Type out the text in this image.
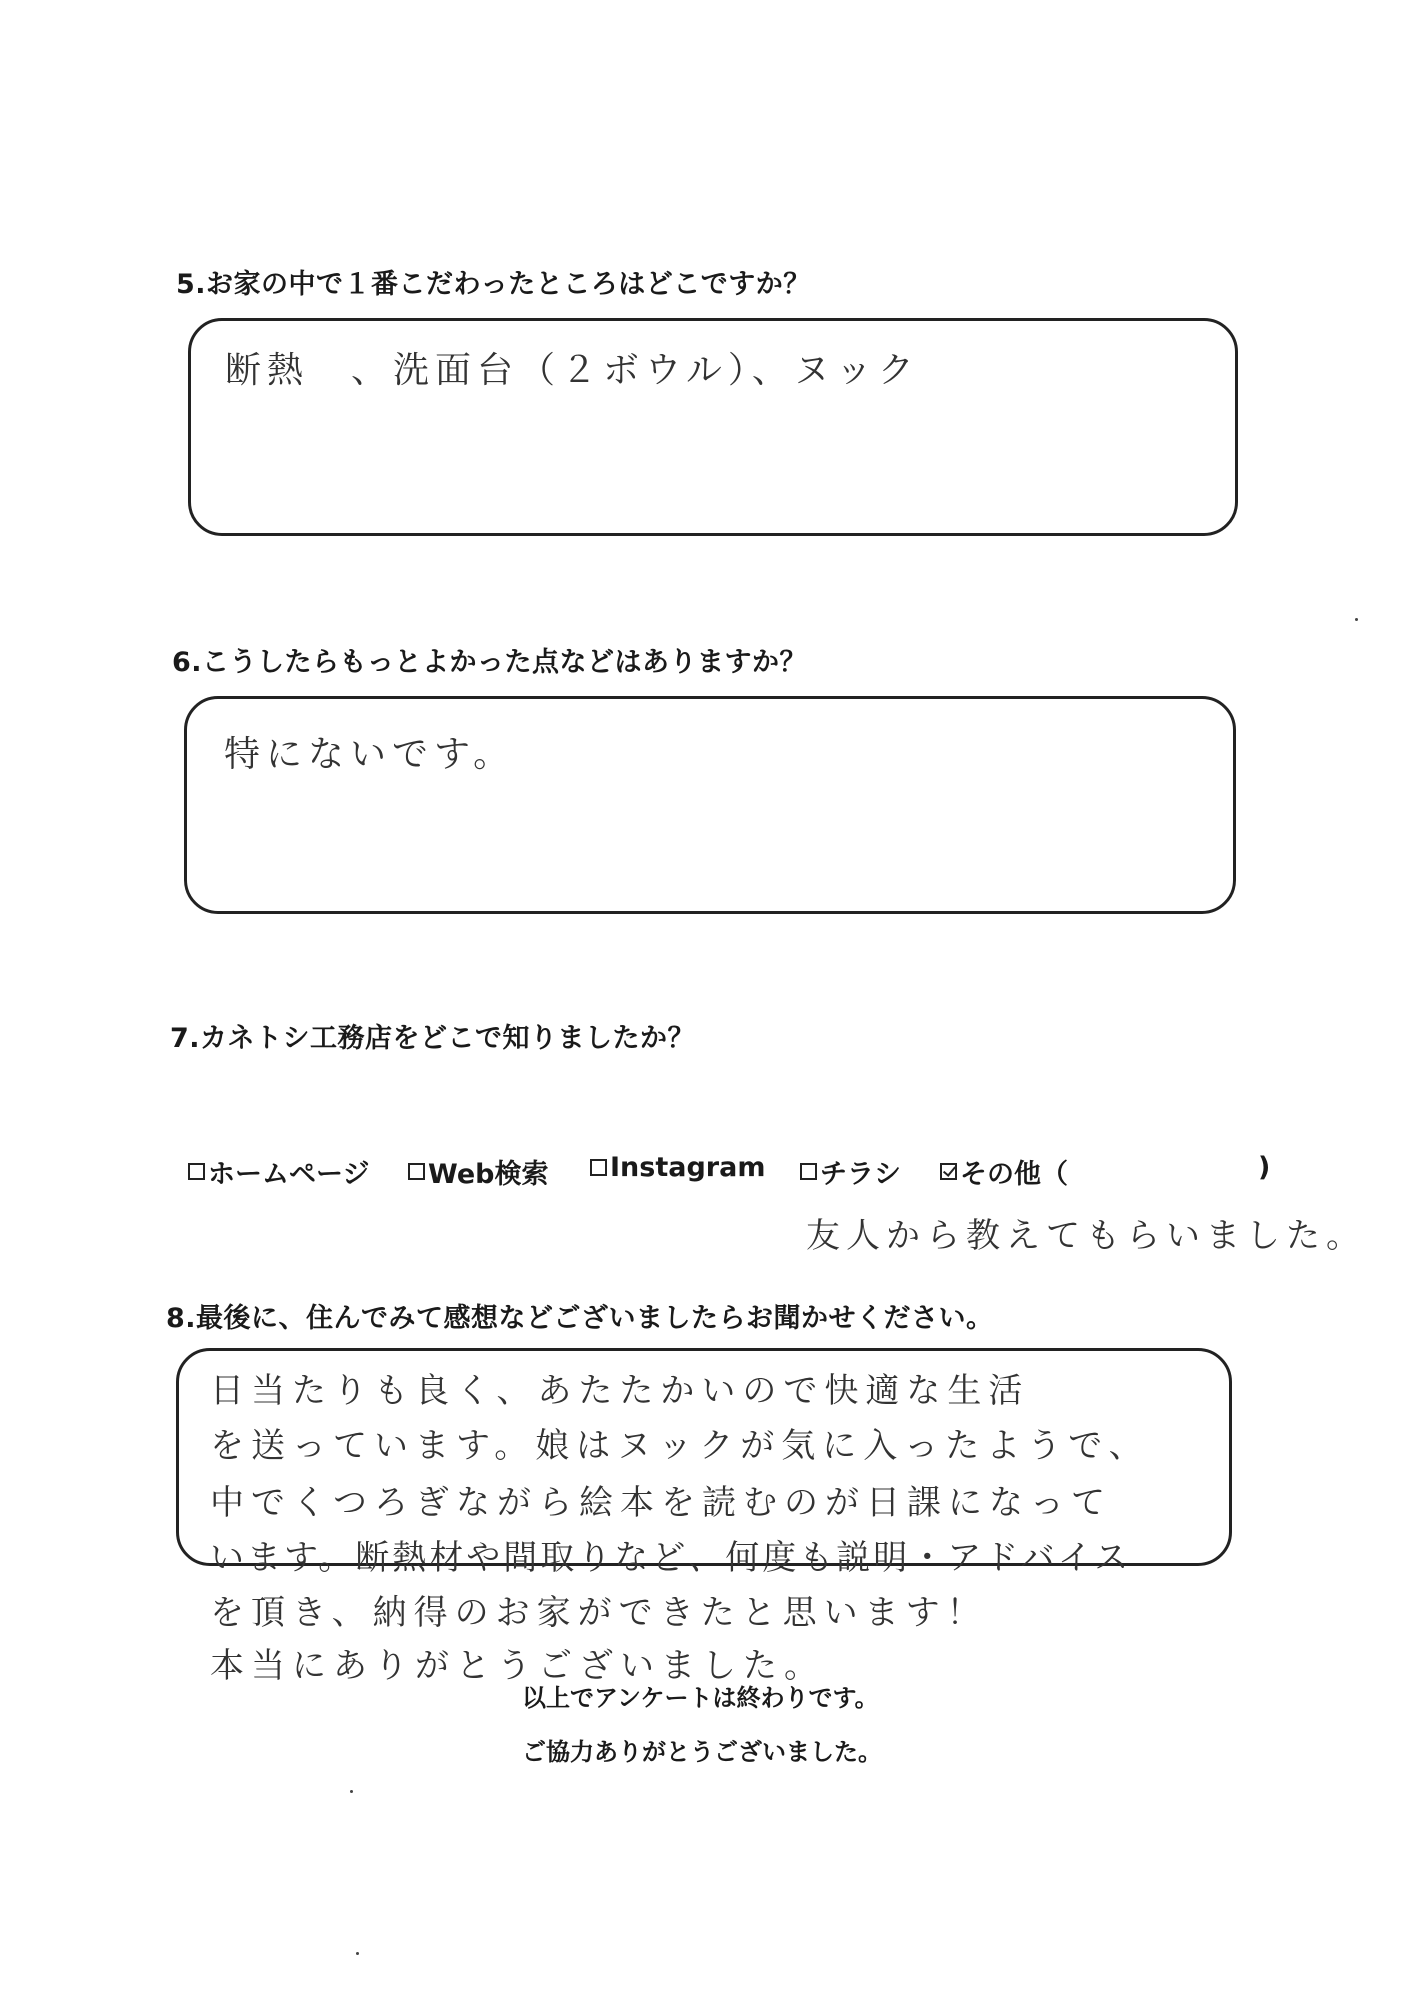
5.お家の中で１番こだわったところはどこですか？
断熱　、洗面台（２ボウル）、ヌック
6.こうしたらもっとよかった点などはありますか？
特にないです。
7.カネトシ工務店をどこで知りましたか？
ホームページ Web検索 Instagram チラシ その他（	)
友人から教えてもらいました。
8.最後に、住んでみて感想などございましたらお聞かせください。
日当たりも良く、あたたかいので快適な生活
を送っています。娘はヌックが気に入ったようで、
中でくつろぎながら絵本を読むのが日課になって
います。断熱材や間取りなど、何度も説明・アドバイス
を頂き、納得のお家ができたと思います！
本当にありがとうございました。
以上でアンケートは終わりです。
ご協力ありがとうございました。
